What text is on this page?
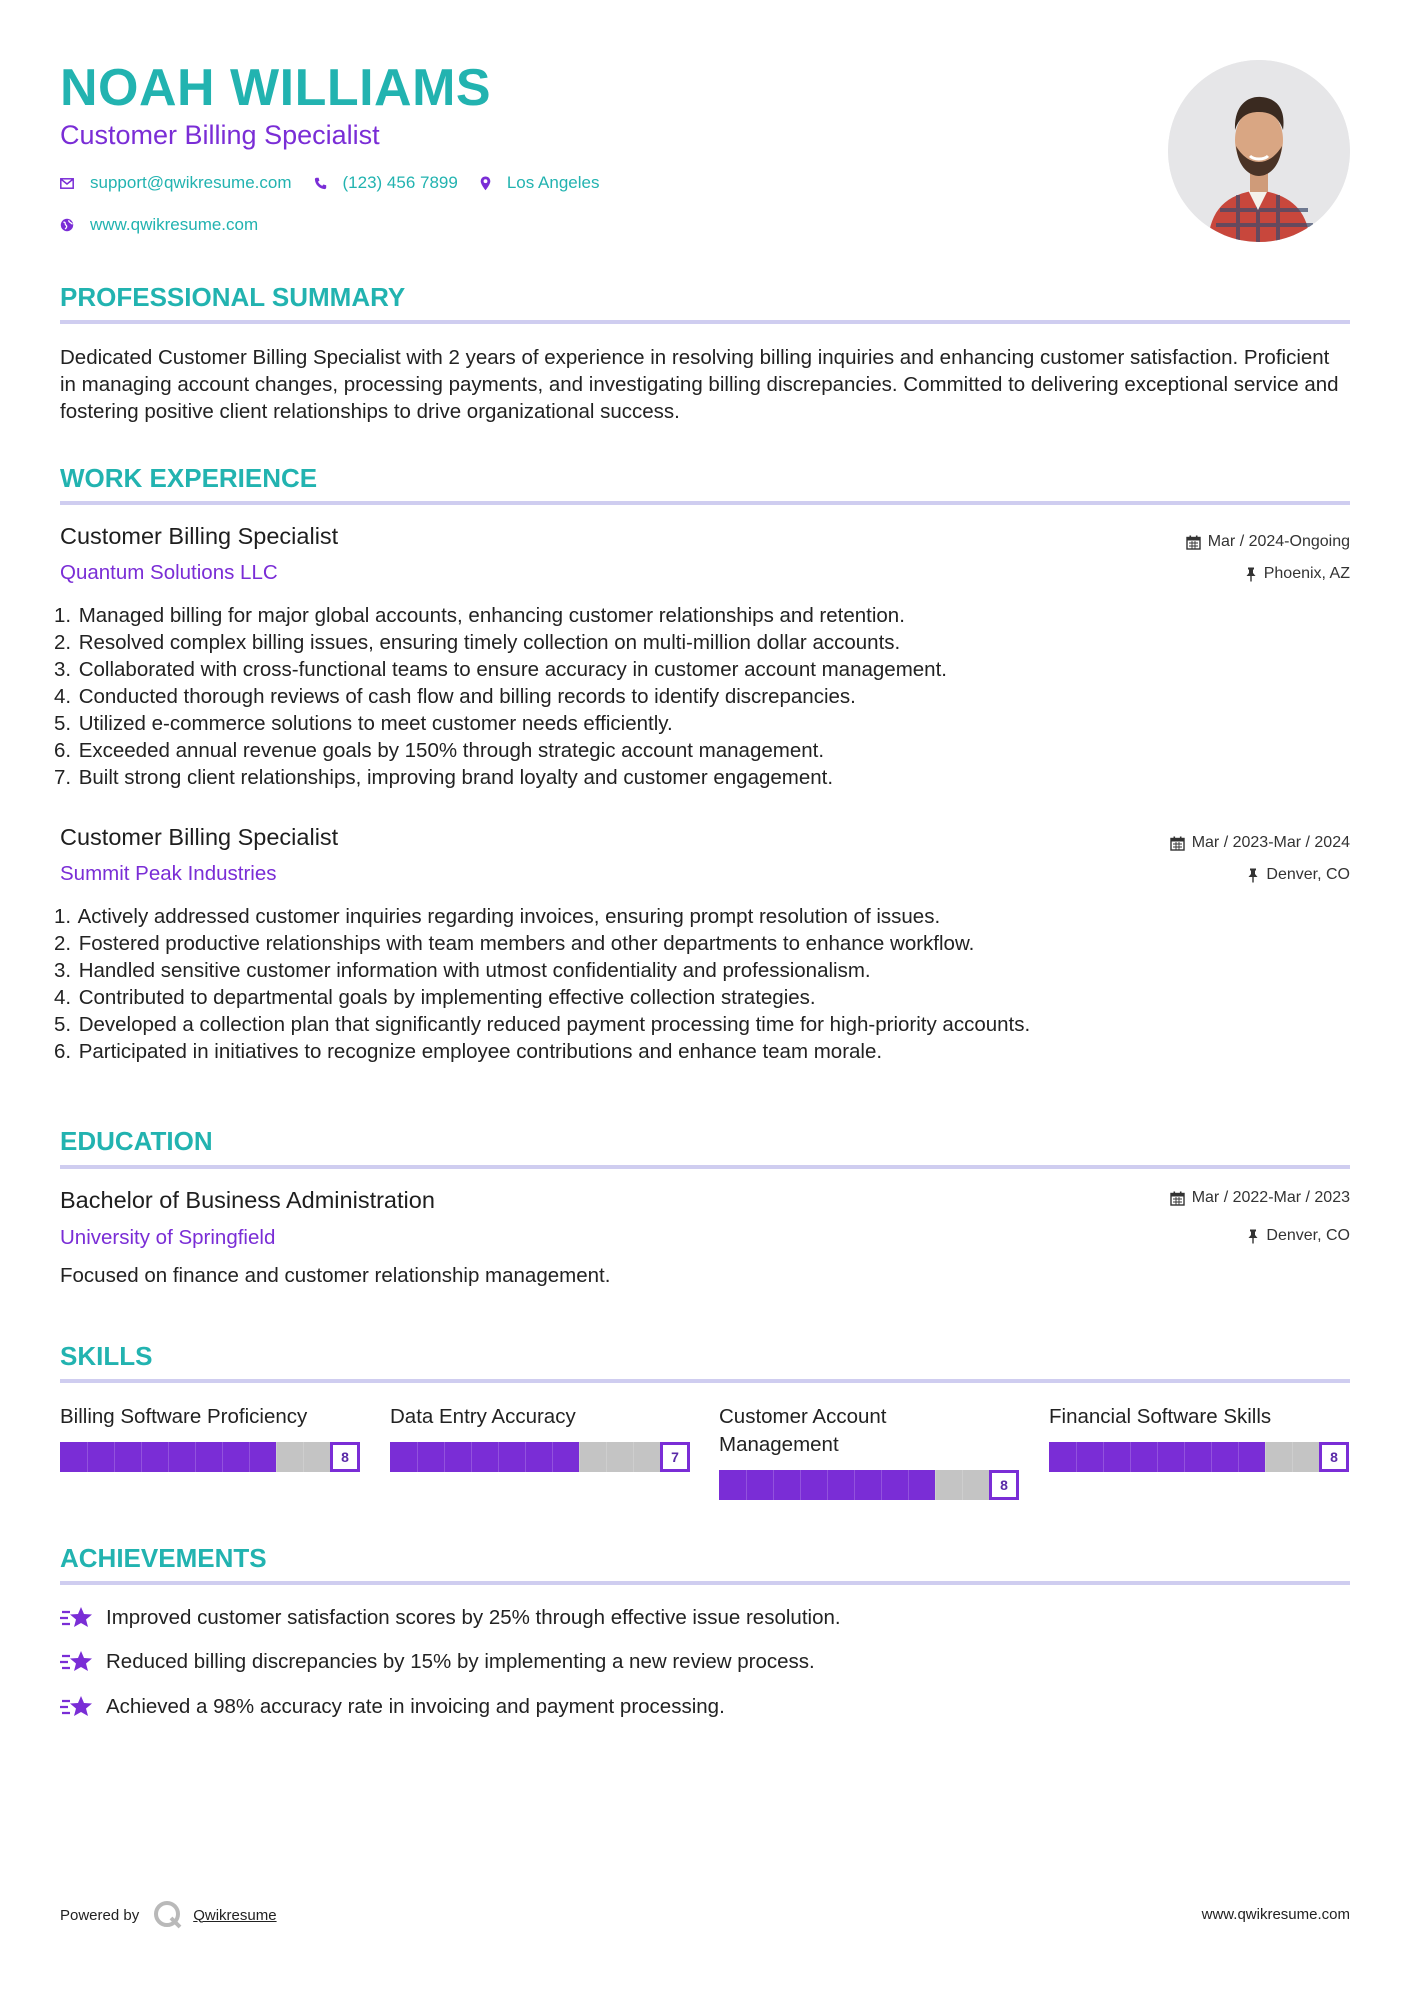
NOAH WILLIAMS
Customer Billing Specialist
support@qwikresume.com	(123) 456 7899	Los Angeles
www.qwikresume.com
PROFESSIONAL SUMMARY
Dedicated Customer Billing Specialist with 2 years of experience in resolving billing inquiries and enhancing customer satisfaction. Proficient in managing account changes, processing payments, and investigating billing discrepancies. Committed to delivering exceptional service and fostering positive client relationships to drive organizational success.
WORK EXPERIENCE
Customer Billing Specialist
Quantum Solutions LLC
Mar / 2024-Ongoing
Phoenix, AZ
1. Managed billing for major global accounts, enhancing customer relationships and retention.
2. Resolved complex billing issues, ensuring timely collection on multi-million dollar accounts.
3. Collaborated with cross-functional teams to ensure accuracy in customer account management.
4. Conducted thorough reviews of cash flow and billing records to identify discrepancies.
5. Utilized e-commerce solutions to meet customer needs efficiently.
6. Exceeded annual revenue goals by 150% through strategic account management.
7. Built strong client relationships, improving brand loyalty and customer engagement.
Customer Billing Specialist
Summit Peak Industries
Mar / 2023-Mar / 2024
Denver, CO
1. Actively addressed customer inquiries regarding invoices, ensuring prompt resolution of issues.
2. Fostered productive relationships with team members and other departments to enhance workflow.
3. Handled sensitive customer information with utmost confidentiality and professionalism.
4. Contributed to departmental goals by implementing effective collection strategies.
5. Developed a collection plan that significantly reduced payment processing time for high-priority accounts.
6. Participated in initiatives to recognize employee contributions and enhance team morale.
EDUCATION
Bachelor of Business Administration
University of Springfield
Mar / 2022-Mar / 2023
Denver, CO
Focused on finance and customer relationship management.
SKILLS
Billing Software Proficiency
8
Data Entry Accuracy
7
Customer Account Management
8
Financial Software Skills
8
ACHIEVEMENTS
Improved customer satisfaction scores by 25% through effective issue resolution.
Reduced billing discrepancies by 15% by implementing a new review process.
Achieved a 98% accuracy rate in invoicing and payment processing.
Powered by	Qwikresume	www.qwikresume.com
